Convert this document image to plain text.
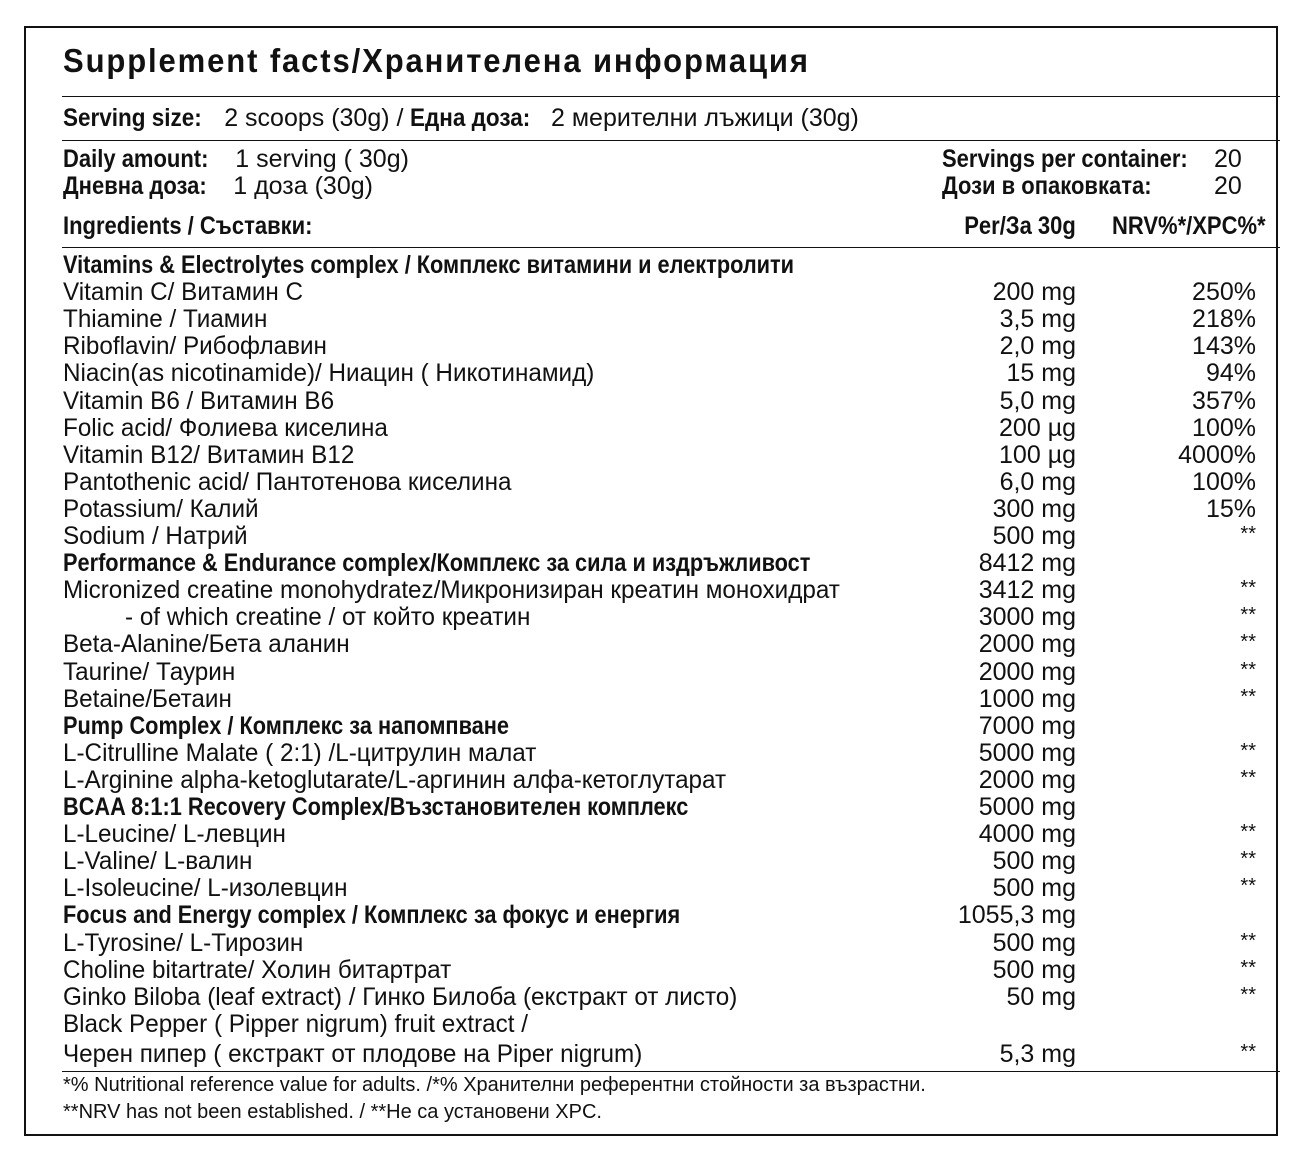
Supplement facts/Хранителена информация
Serving size: 2 scoops (30g) / Една доза: 2 мерителни лъжици (30g)
Daily amount: 1 serving ( 30g)	Servings per container: 20
Дневна доза: 1 доза (30g)	Дози в опаковката: 20
Ingredients / Съставки:	Per/За 30g NRV%*/XPC%*
Vitamins & Electrolytes complex / Комплекс витамини и електролити
Vitamin C/ Витамин C	200 mg	250%
Thiamine / Тиамин	3,5 mg	218%
Riboflavin/ Рибофлавин	2,0 mg	143%
Niacin(as nicotinamide)/ Ниацин ( Никотинамид)	15 mg	94%
Vitamin B6 / Витамин B6	5,0 mg	357%
Folic acid/ Фолиева киселина	200 µg	100%
Vitamin B12/ Витамин B12	100 µg	4000%
Pantothenic acid/ Пантотенова киселина	6,0 mg	100%
Potassium/ Калий	300 mg	15%
Sodium / Натрий	500 mg	**
Performance & Endurance complex/Комплекс за сила и издръжливост	8412 mg
Micronized creatine monohydratez/Микронизиран креатин монохидрат	3412 mg	**
- of which creatine / от който креатин	3000 mg	**
Beta-Alanine/Бета аланин	2000 mg	**
Taurine/ Таурин	2000 mg	**
Betaine/Бетаин	1000 mg	**
Pump Complex / Комплекс за напомпване	7000 mg
L-Citrulline Malate ( 2:1) /L-цитрулин малат	5000 mg	**
L-Arginine alpha-ketoglutarate/L-аргинин алфа-кетоглутарат	2000 mg	**
BCAA 8:1:1 Recovery Complex/Възстановителен комплекс	5000 mg
L-Leucine/ L-левцин	4000 mg	**
L-Valine/ L-валин	500 mg	**
L-Isoleucine/ L-изолевцин	500 mg	**
Focus and Energy complex / Комплекс за фокус и енергия	1055,3 mg
L-Tyrosine/ L-Тирозин	500 mg	**
Choline bitartrate/ Холин битартрат	500 mg	**
Ginko Biloba (leaf extract) / Гинко Билоба (екстракт от листо)	50 mg	**
Black Pepper ( Pipper nigrum) fruit extract /
Черен пипер ( екстракт от плодове на Piper nigrum)	5,3 mg	**
*% Nutritional reference value for adults. /*% Хранителни референтни стойности за възрастни.
**NRV has not been established. / **Не са установени XPC.
